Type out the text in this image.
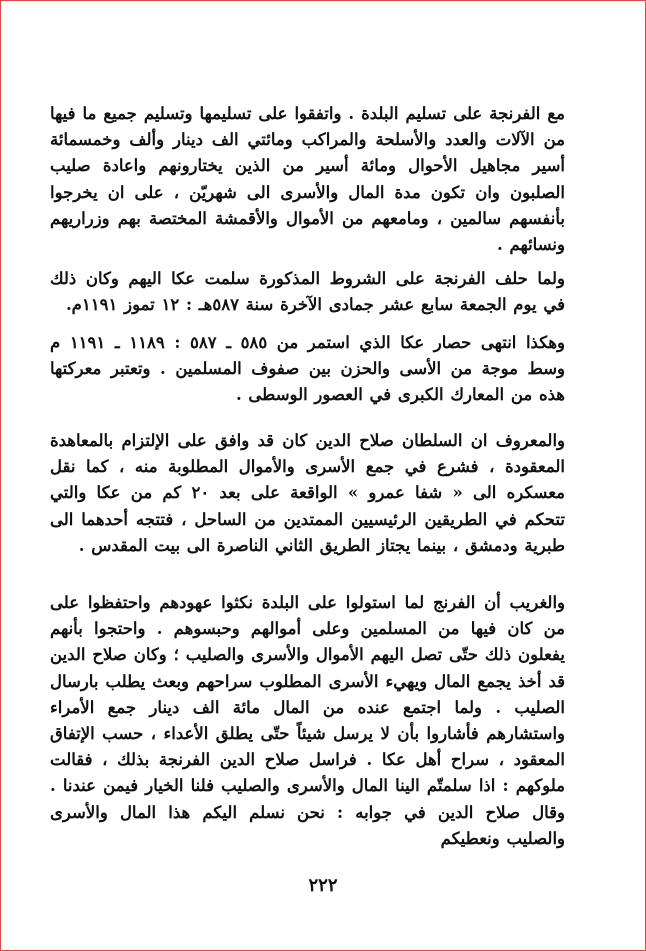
مع الفرنجة على تسليم البلدة . واتفقوا على تسليمها وتسليم جميع ما فيها من الآلات والعدد والأسلحة والمراكب ومائتي الف دينار وألف وخمسمائة أسير مجاهيل الأحوال ومائة أسير من الذين يختارونهم واعادة صليب الصلبون وان تكون مدة المال والأسرى الى شهريّن ، على ان يخرجوا بأنفسهم سالمين ، ومامعهم من الأموال والأقمشة المختصة بهم وزراريهم ونسائهم .

ولما حلف الفرنجة على الشروط المذكورة سلمت عكا اليهم وكان ذلك في يوم الجمعة سابع عشر جمادى الآخرة سنة ٥٨٧هـ : ١٢ تموز ١١٩١م.

وهكذا انتهى حصار عكا الذي استمر من ٥٨٥ ـ ٥٨٧ : ١١٨٩ ـ ١١٩١ م وسط موجة من الأسى والحزن بين صفوف المسلمين . وتعتبر معركتها هذه من المعارك الكبرى في العصور الوسطى .

والمعروف ان السلطان صلاح الدين كان قد وافق على الإلتزام بالمعاهدة المعقودة ، فشرع في جمع الأسرى والأموال المطلوبة منه ، كما نقل معسكره الى « شفا عمرو » الواقعة على بعد ٢٠ كم من عكا والتي تتحكم في الطريقين الرئيسيين الممتدين من الساحل ، فتتجه أحدهما الى طبرية ودمشق ، بينما يجتاز الطريق الثاني الناصرة الى بيت المقدس .

والغريب أن الفرنج لما استولوا على البلدة نكثوا عهودهم واحتفظوا على من كان فيها من المسلمين وعلى أموالهم وحبسوهم . واحتجوا بأنهم يفعلون ذلك حتّى تصل اليهم الأموال والأسرى والصليب ؛ وكان صلاح الدين قد أخذ يجمع المال ويهيء الأسرى المطلوب سراحهم وبعث يطلب بارسال الصليب . ولما اجتمع عنده من المال مائة الف دينار جمع الأمراء واستشارهم فأشاروا بأن لا يرسل شيئاً حتّى يطلق الأعداء ، حسب الإتفاق المعقود ، سراح أهل عكا . فراسل صلاح الدين الفرنجة بذلك ، فقالت ملوكهم : اذا سلمتّم الينا المال والأسرى والصليب فلنا الخيار فيمن عندنا . وقال صلاح الدين في جوابه : نحن نسلم اليكم هذا المال والأسرى والصليب ونعطيكم

٢٢٢
